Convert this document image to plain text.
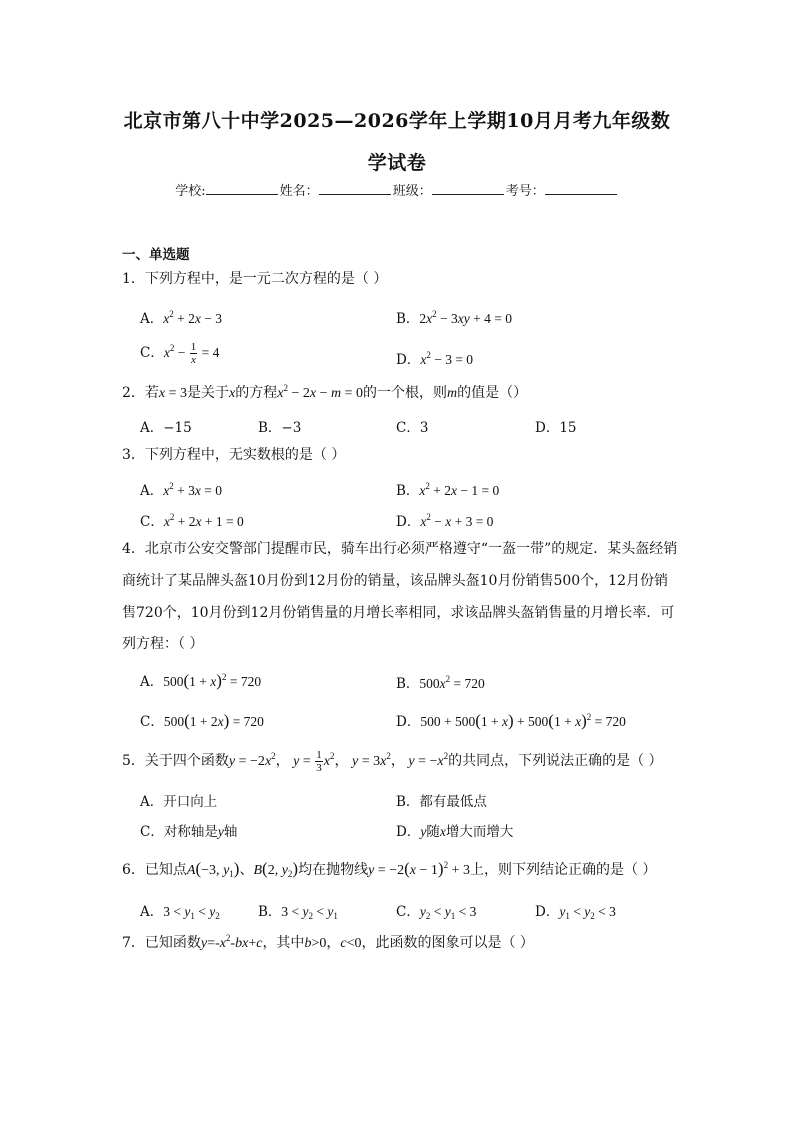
北京市第八十中学2025—2026学年上学期10月月考九年级数
学试卷
学校:	姓名：	班级：	考号：
一、单选题
1．下列方程中，是一元二次方程的是（ ）
A．$x^2 + 2x - 3$	B．$2x^2 - 3xy + 4 = 0$
C．$x^2 - \frac{1}{x} = 4$	D．$x^2 - 3 = 0$
2．若x = 3是关于x的方程$x^2 - 2x - m = 0$的一个根，则m的值是（）
A．−15	B．−3	C．3	D．15
3．下列方程中，无实数根的是（ ）
A．$x^2 + 3x = 0$	B．$x^2 + 2x - 1 = 0$
C．$x^2 + 2x + 1 = 0$	D．$x^2 - x + 3 = 0$
4．北京市公安交警部门提醒市民，骑车出行必须严格遵守“一盔一带”的规定．某头盔经销
商统计了某品牌头盔10月份到12月份的销量，该品牌头盔10月份销售500个，12月份销
售720个，10月份到12月份销售量的月增长率相同，求该品牌头盔销售量的月增长率．可
列方程：（ ）
A．$500(1 + x)^2 = 720$	B．$500x^2 = 720$
C．500(1 + 2x) = 720	D．$500 + 500(1 + x) + 500(1 + x)^2 = 720$
5．关于四个函数$y = -2x^2$， $y = \frac{1}{3} x^2$， $y = 3x^2$， $y = -x^2$的共同点，下列说法正确的是（ ）
A．开口向上	B．都有最低点
C．对称轴是y轴	D．y随x增大而增大
6．已知点A(−3, $y_1$)、B(2, $y_2$)均在抛物线$y = -2(x - 1)^2 + 3$上，则下列结论正确的是（ ）
A．$3 < y_1 < y_2$	B．$3 < y_2 < y_1$	C．$y_2 < y_1 < 3$	D．$y_1 < y_2 < 3$
7．已知函数$y=-x^2-bx+c$，其中b>0，c<0，此函数的图象可以是（ ）
